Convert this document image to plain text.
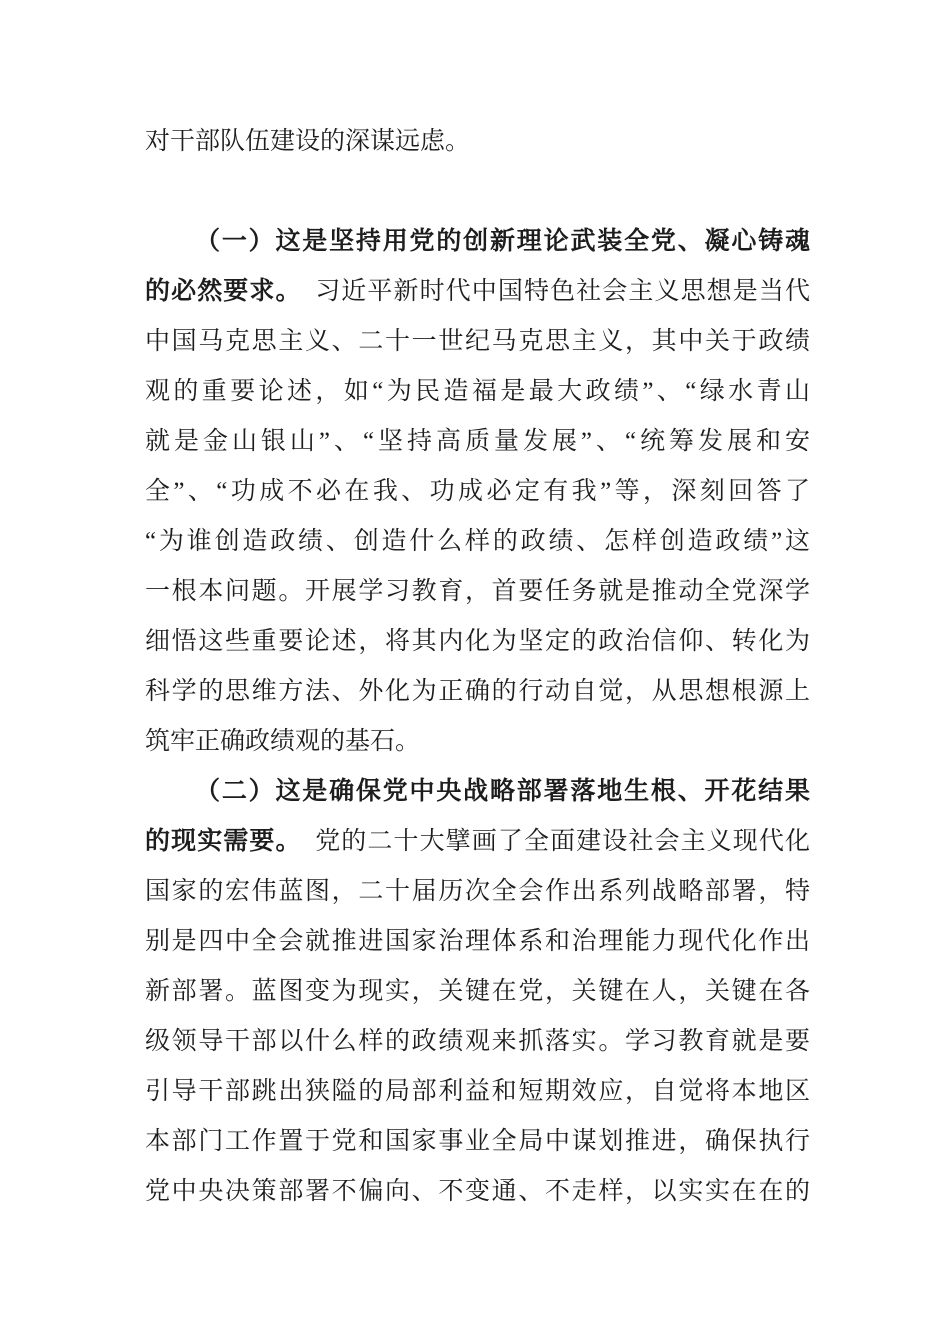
对干部队伍建设的深谋远虑。
（一）这是坚持用党的创新理论武装全党、凝心铸魂
的必然要求。　习近平新时代中国特色社会主义思想是当代
中国马克思主义、二十一世纪马克思主义，其中关于政绩
观的重要论述，如“为民造福是最大政绩”、“绿水青山
就是金山银山”、“坚持高质量发展”、“统筹发展和安
全”、“功成不必在我、功成必定有我”等，深刻回答了
“为谁创造政绩、创造什么样的政绩、怎样创造政绩”这
一根本问题。开展学习教育，首要任务就是推动全党深学
细悟这些重要论述，将其内化为坚定的政治信仰、转化为
科学的思维方法、外化为正确的行动自觉，从思想根源上
筑牢正确政绩观的基石。
（二）这是确保党中央战略部署落地生根、开花结果
的现实需要。　党的二十大擘画了全面建设社会主义现代化
国家的宏伟蓝图，二十届历次全会作出系列战略部署，特
别是四中全会就推进国家治理体系和治理能力现代化作出
新部署。蓝图变为现实，关键在党，关键在人，关键在各
级领导干部以什么样的政绩观来抓落实。学习教育就是要
引导干部跳出狭隘的局部利益和短期效应，自觉将本地区
本部门工作置于党和国家事业全局中谋划推进，确保执行
党中央决策部署不偏向、不变通、不走样，以实实在在的
